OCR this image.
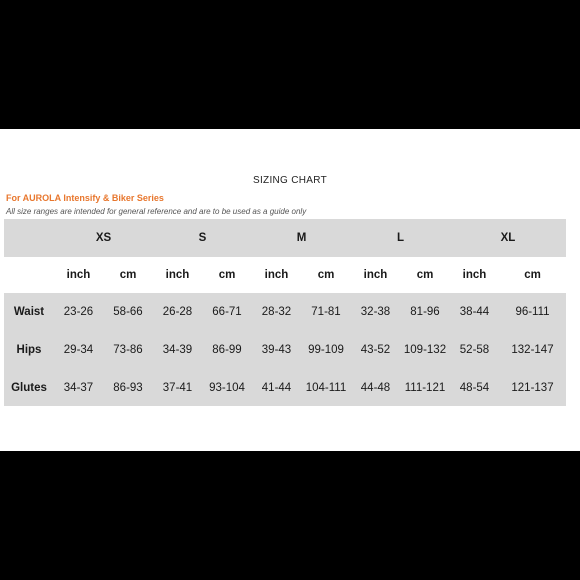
SIZING CHART
For AUROLA Intensify & Biker Series
All size ranges are intended for general reference and are to be used as a guide only
XS	S	M	L	XL
inch	cm	inch	cm	inch	cm	inch	cm	inch	cm
Waist	23-26	58-66	26-28	66-71	28-32	71-81	32-38	81-96	38-44	96-111
Hips	29-34	73-86	34-39	86-99	39-43	99-109	43-52	109-132	52-58	132-147
Glutes	34-37	86-93	37-41	93-104	41-44	104-111	44-48	111-121	48-54	121-137
